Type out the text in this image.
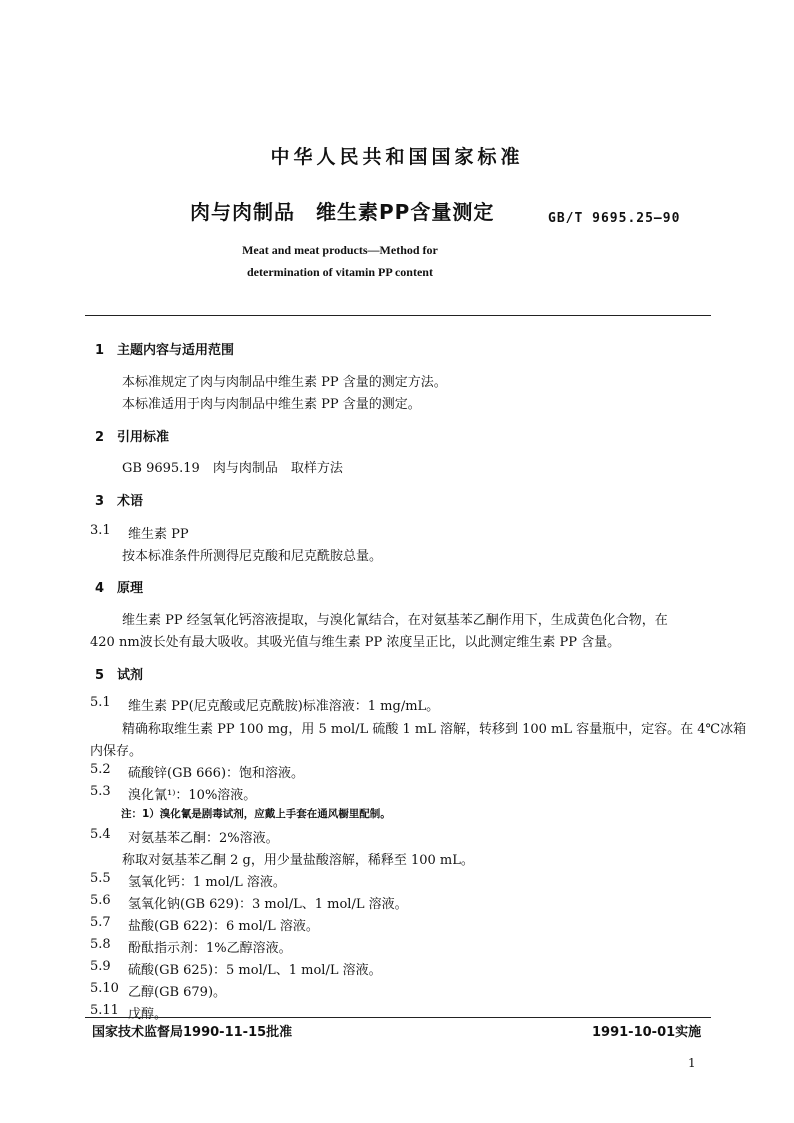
中华人民共和国国家标准
肉与肉制品　维生素PP含量测定	GB/T 9695.25—90
Meat and meat products—Method for
determination of vitamin PP content
1　主题内容与适用范围
本标准规定了肉与肉制品中维生素 PP 含量的测定方法。
本标准适用于肉与肉制品中维生素 PP 含量的测定。
2　引用标准
GB 9695.19　肉与肉制品　取样方法
3　术语
3.1 维生素 PP
按本标准条件所测得尼克酸和尼克酰胺总量。
4　原理
维生素 PP 经氢氧化钙溶液提取，与溴化氰结合，在对氨基苯乙酮作用下，生成黄色化合物，在
420 nm波长处有最大吸收。其吸光值与维生素 PP 浓度呈正比，以此测定维生素 PP 含量。
5　试剂
5.1 维生素 PP(尼克酸或尼克酰胺)标准溶液：1 mg/mL。
精确称取维生素 PP 100 mg，用 5 mol/L 硫酸 1 mL 溶解，转移到 100 mL 容量瓶中，定容。在 4℃冰箱
内保存。
5.2 硫酸锌(GB 666)：饱和溶液。
5.3 溴化氰¹⁾：10%溶液。
注：1）溴化氰是剧毒试剂，应戴上手套在通风橱里配制。
5.4 对氨基苯乙酮：2%溶液。
称取对氨基苯乙酮 2 g，用少量盐酸溶解，稀释至 100 mL。
5.5 氢氧化钙：1 mol/L 溶液。
5.6 氢氧化钠(GB 629)：3 mol/L、1 mol/L 溶液。
5.7 盐酸(GB 622)：6 mol/L 溶液。
5.8 酚酞指示剂：1%乙醇溶液。
5.9 硫酸(GB 625)：5 mol/L、1 mol/L 溶液。
5.10 乙醇(GB 679)。
5.11 戊醇。
国家技术监督局1990-11-15批准	1991-10-01实施
1
